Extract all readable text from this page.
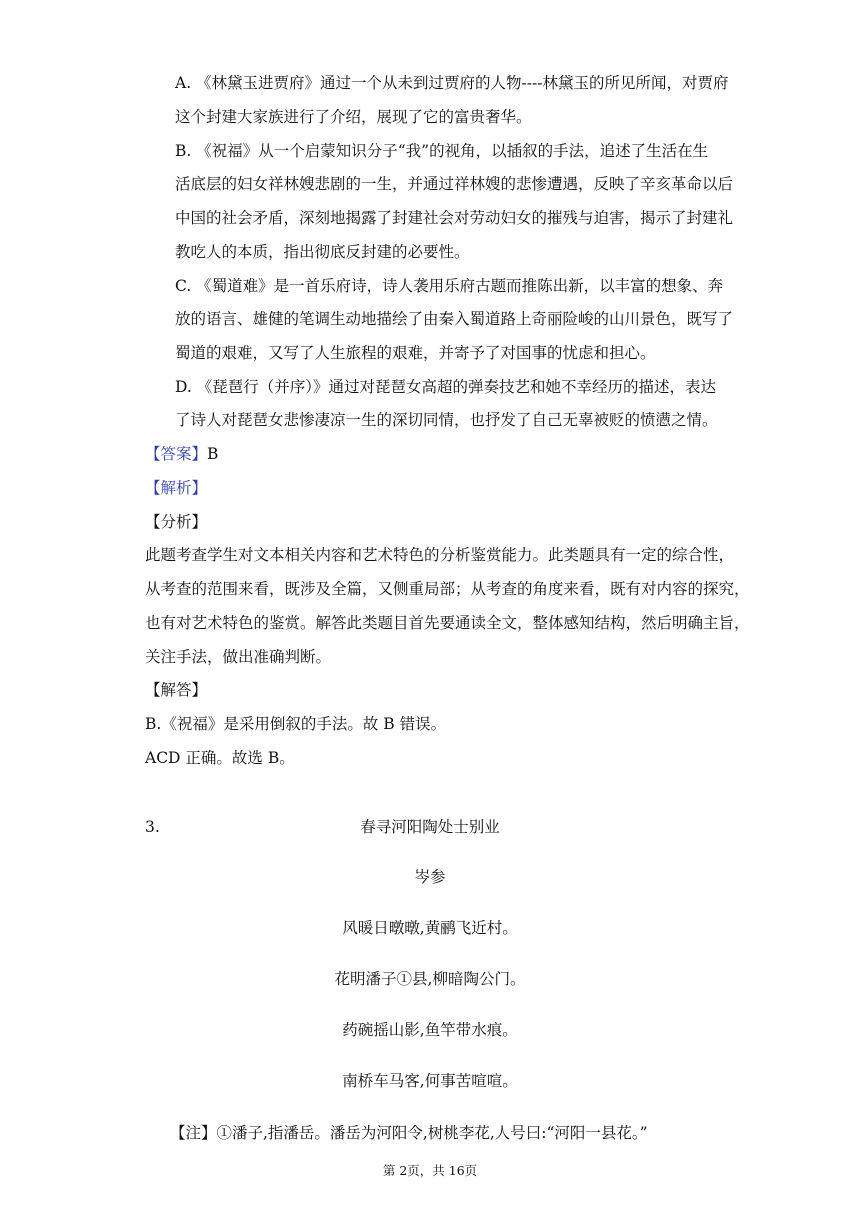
A. 《林黛玉进贾府》通过一个从未到过贾府的人物----林黛玉的所见所闻，对贾府
这个封建大家族进行了介绍，展现了它的富贵奢华。
B. 《祝福》从一个启蒙知识分子“我”的视角，以插叙的手法，追述了生活在生
活底层的妇女祥林嫂悲剧的一生，并通过祥林嫂的悲惨遭遇，反映了辛亥革命以后
中国的社会矛盾，深刻地揭露了封建社会对劳动妇女的摧残与迫害，揭示了封建礼
教吃人的本质，指出彻底反封建的必要性。
C. 《蜀道难》是一首乐府诗，诗人袭用乐府古题而推陈出新，以丰富的想象、奔
放的语言、雄健的笔调生动地描绘了由秦入蜀道路上奇丽险峻的山川景色，既写了
蜀道的艰难，又写了人生旅程的艰难，并寄予了对国事的忧虑和担心。
D. 《琵琶行（并序）》通过对琵琶女高超的弹奏技艺和她不幸经历的描述，表达
了诗人对琵琶女悲惨凄凉一生的深切同情，也抒发了自己无辜被贬的愤懑之情。
【答案】B
【解析】
【分析】
此题考查学生对文本相关内容和艺术特色的分析鉴赏能力。此类题具有一定的综合性，
从考查的范围来看，既涉及全篇，又侧重局部；从考查的角度来看，既有对内容的探究，
也有对艺术特色的鉴赏。解答此类题目首先要通读全文，整体感知结构，然后明确主旨，
关注手法，做出准确判断。
【解答】
B.《祝福》是采用倒叙的手法。故 B 错误。
ACD 正确。故选 B。
3.	春寻河阳陶处士别业
岑参
风暖日暾暾,黄鹂飞近村。
花明潘子①县,柳暗陶公门。
药碗摇山影,鱼竿带水痕。
南桥车马客,何事苦喧喧。
【注】①潘子,指潘岳。潘岳为河阳令,树桃李花,人号曰:“河阳一县花。”
第 2页，共 16页
